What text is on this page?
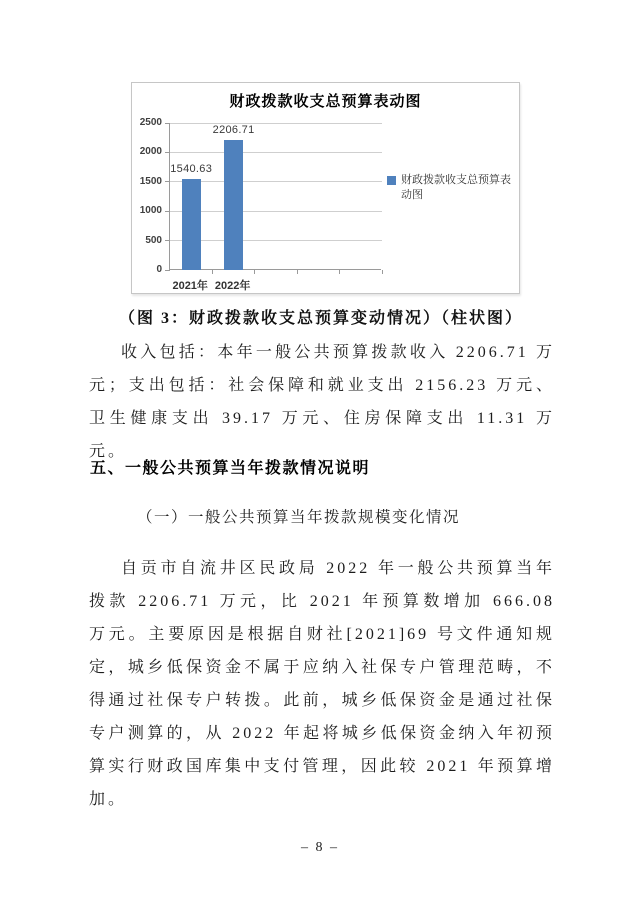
财政拨款收支总预算表动图
0
500
1000
1500
2000
2500
1540.63
2206.71
2021年 2022年
财政拨款收支总预算表动图
（图 3：财政拨款收支总预算变动情况）（柱状图）
收入包括：本年一般公共预算拨款收入 2206.71 万元；支出包括：社会保障和就业支出 2156.23 万元、卫生健康支出 39.17 万元、住房保障支出 11.31 万元。
五、一般公共预算当年拨款情况说明
（一）一般公共预算当年拨款规模变化情况
自贡市自流井区民政局 2022 年一般公共预算当年拨款 2206.71 万元，比 2021 年预算数增加 666.08 万元。主要原因是根据自财社[2021]69 号文件通知规定，城乡低保资金不属于应纳入社保专户管理范畴，不得通过社保专户转拨。此前，城乡低保资金是通过社保专户测算的，从 2022 年起将城乡低保资金纳入年初预算实行财政国库集中支付管理，因此较 2021 年预算增加。
– 8 –
